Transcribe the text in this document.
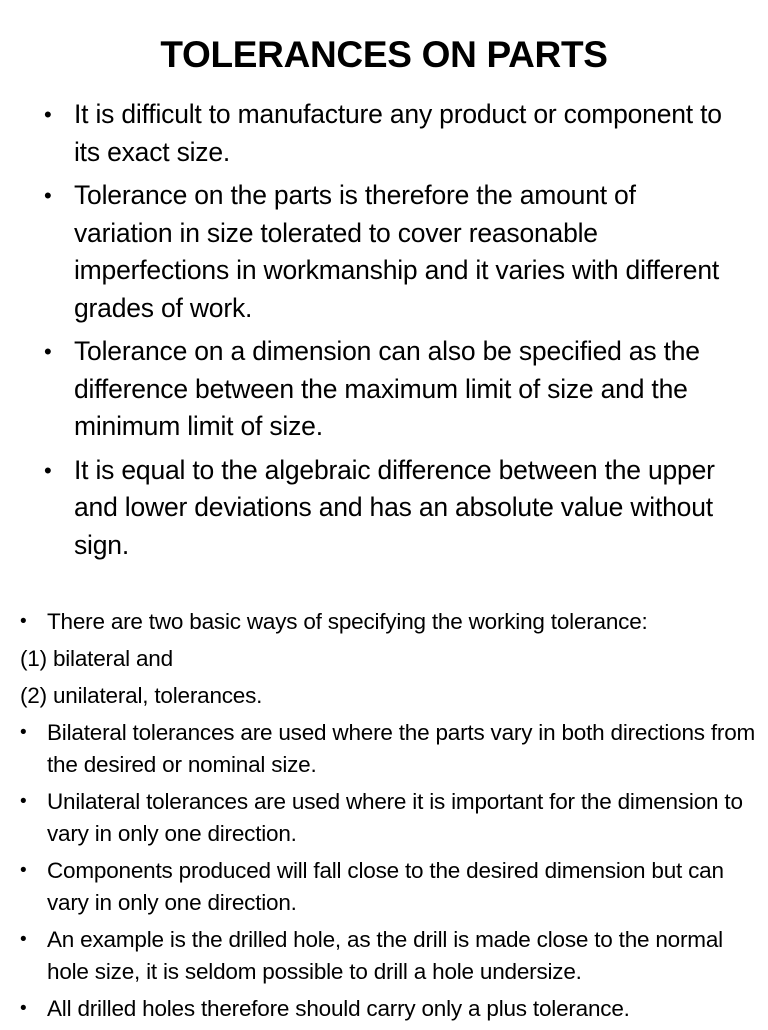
TOLERANCES ON PARTS
• It is difficult to manufacture any product or component to its exact size.
• Tolerance on the parts is therefore the amount of variation in size tolerated to cover reasonable imperfections in workmanship and it varies with different grades of work.
• Tolerance on a dimension can also be specified as the difference between the maximum limit of size and the minimum limit of size.
• It is equal to the algebraic difference between the upper and lower deviations and has an absolute value without sign.
• There are two basic ways of specifying the working tolerance:
(1) bilateral and
(2) unilateral, tolerances.
• Bilateral tolerances are used where the parts vary in both directions from the desired or nominal size.
• Unilateral tolerances are used where it is important for the dimension to vary in only one direction.
• Components produced will fall close to the desired dimension but can vary in only one direction.
• An example is the drilled hole, as the drill is made close to the normal hole size, it is seldom possible to drill a hole undersize.
• All drilled holes therefore should carry only a plus tolerance.
